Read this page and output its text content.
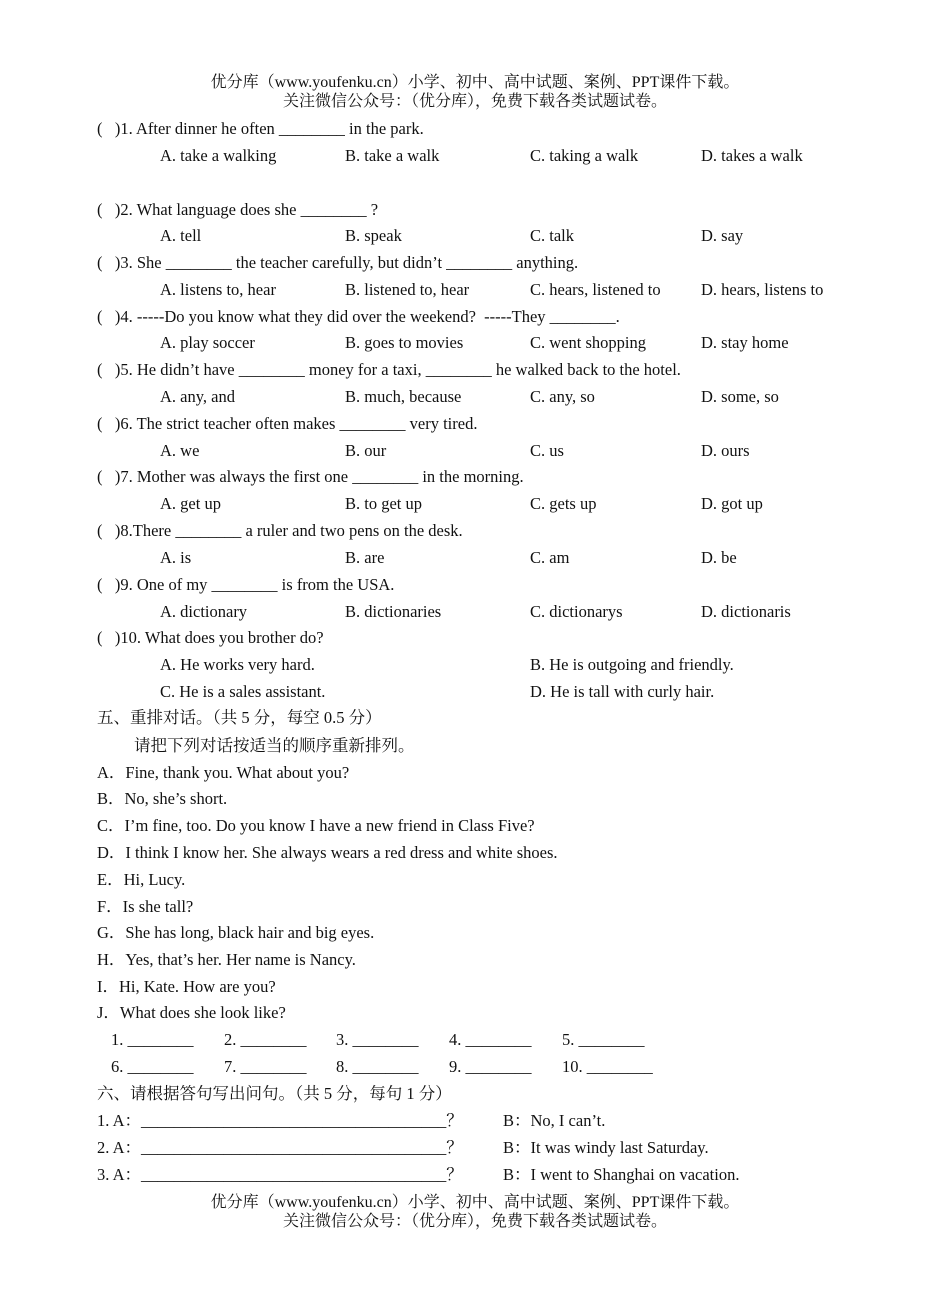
优分库（www.youfenku.cn）小学、初中、高中试题、案例、PPT课件下载。
关注微信公众号：（优分库），免费下载各类试题试卷。
(   )1. After dinner he often ________ in the park.
A. take a walking	B. take a walk	C. taking a walk	D. takes a walk
(   )2. What language does she ________ ?
A. tell	B. speak	C. talk	D. say
(   )3. She ________ the teacher carefully, but didn’t ________ anything.
A. listens to, hear	B. listened to, hear	C. hears, listened to D. hears, listens to
(   )4. -----Do you know what they did over the weekend?  -----They ________.
A. play soccer	B. goes to movies	C. went shopping	D. stay home
(   )5. He didn’t have ________ money for a taxi, ________ he walked back to the hotel.
A. any, and	B. much, because	C. any, so	D. some, so
(   )6. The strict teacher often makes ________ very tired.
A. we	B. our	C. us	D. ours
(   )7. Mother was always the first one ________ in the morning.
A. get up	B. to get up	C. gets up	D. got up
(   )8.There ________ a ruler and two pens on the desk.
A. is	B. are	C. am	D. be
(   )9. One of my ________ is from the USA.
A. dictionary	B. dictionaries	C. dictionarys	D. dictionaris
(   )10. What does you brother do?
A. He works very hard.	B. He is outgoing and friendly.
C. He is a sales assistant.	D. He is tall with curly hair.
五、重排对话。（共 5 分，每空 0.5 分）
请把下列对话按适当的顺序重新排列。
A．Fine, thank you. What about you?
B．No, she’s short.
C．I’m fine, too. Do you know I have a new friend in Class Five?
D．I think I know her. She always wears a red dress and white shoes.
E．Hi, Lucy.
F．Is she tall?
G．She has long, black hair and big eyes.
H．Yes, that’s her. Her name is Nancy.
I．Hi, Kate. How are you?
J．What does she look like?
1. ________ 2. ________ 3. ________ 4. ________ 5. ________
6. ________ 7. ________ 8. ________ 9. ________ 10. ________
六、请根据答句写出问句。（共 5 分，每句 1 分）
1. A：_____________________________________？ B：No, I can’t.
2. A：_____________________________________？ B：It was windy last Saturday.
3. A：_____________________________________？ B：I went to Shanghai on vacation.
优分库（www.youfenku.cn）小学、初中、高中试题、案例、PPT课件下载。
关注微信公众号：（优分库），免费下载各类试题试卷。
